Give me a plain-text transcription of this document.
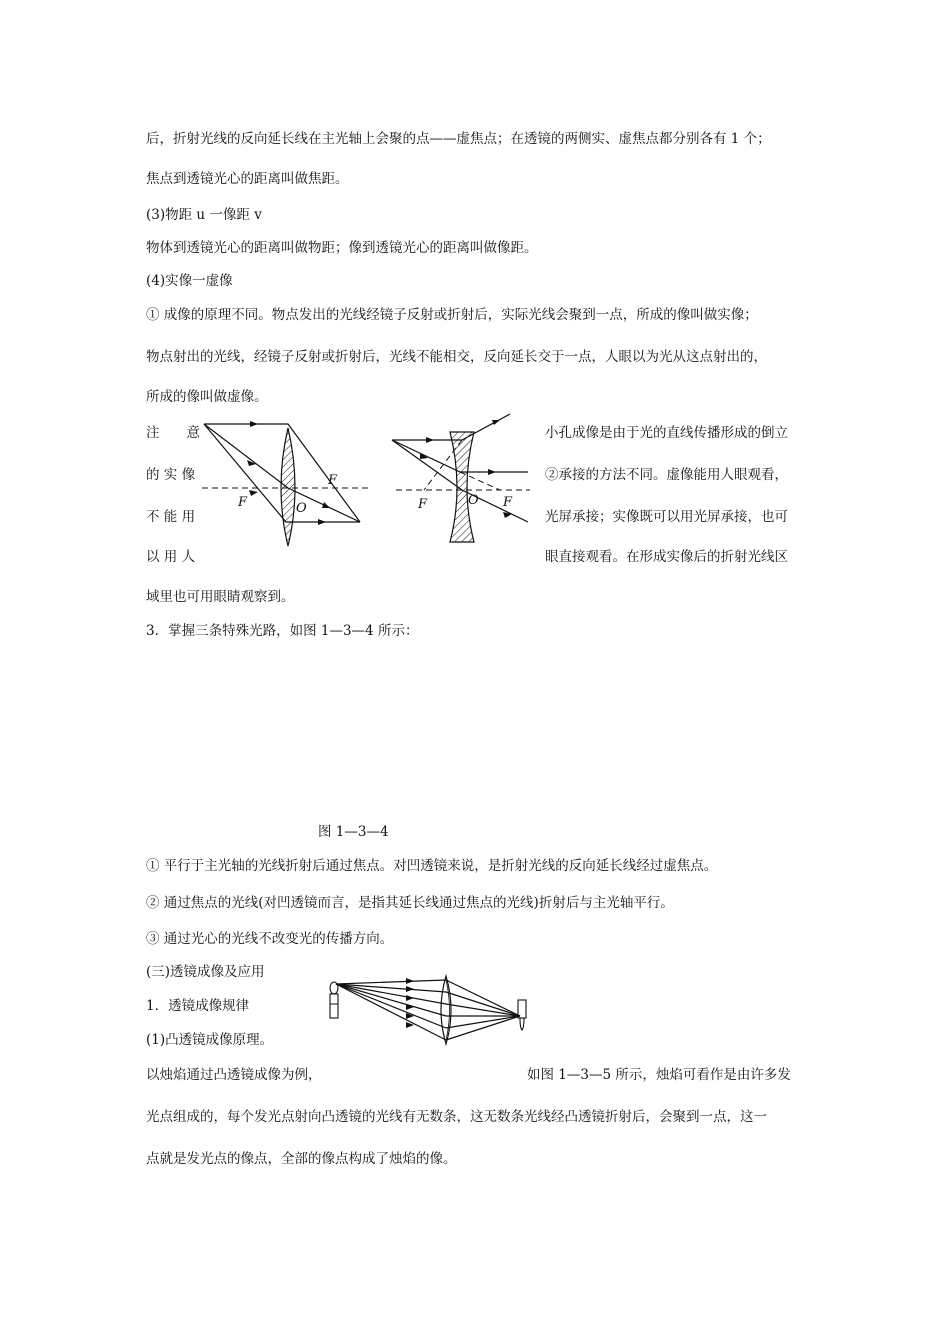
后，折射光线的反向延长线在主光轴上会聚的点——虚焦点；在透镜的两侧实、虚焦点都分别各有 1 个；
焦点到透镜光心的距离叫做焦距。
(3)物距 u 一像距 v
物体到透镜光心的距离叫做物距；像到透镜光心的距离叫做像距。
(4)实像一虚像
① 成像的原理不同。物点发出的光线经镜子反射或折射后，实际光线会聚到一点，所成的像叫做实像；
物点射出的光线，经镜子反射或折射后，光线不能相交，反向延长交于一点，人眼以为光从这点射出的，
所成的像叫做虚像。
注　　意
的 实 像
不 能 用
以 用 人
小孔成像是由于光的直线传播形成的倒立
②承接的方法不同。虚像能用人眼观看，
光屏承接；实像既可以用光屏承接，也可
眼直接观看。在形成实像后的折射光线区
F
F
O	F	F
O
域里也可用眼睛观察到。
3．掌握三条特殊光路，如图 1—3—4 所示：
图 1—3—4
① 平行于主光轴的光线折射后通过焦点。对凹透镜来说，是折射光线的反向延长线经过虚焦点。
② 通过焦点的光线(对凹透镜而言，是指其延长线通过焦点的光线)折射后与主光轴平行。
③ 通过光心的光线不改变光的传播方向。
(三)透镜成像及应用
1．透镜成像规律
(1)凸透镜成像原理。
以烛焰通过凸透镜成像为例，	如图 1—3—5 所示，烛焰可看作是由许多发
光点组成的，每个发光点射向凸透镜的光线有无数条，这无数条光线经凸透镜折射后，会聚到一点，这一
点就是发光点的像点，全部的像点构成了烛焰的像。
